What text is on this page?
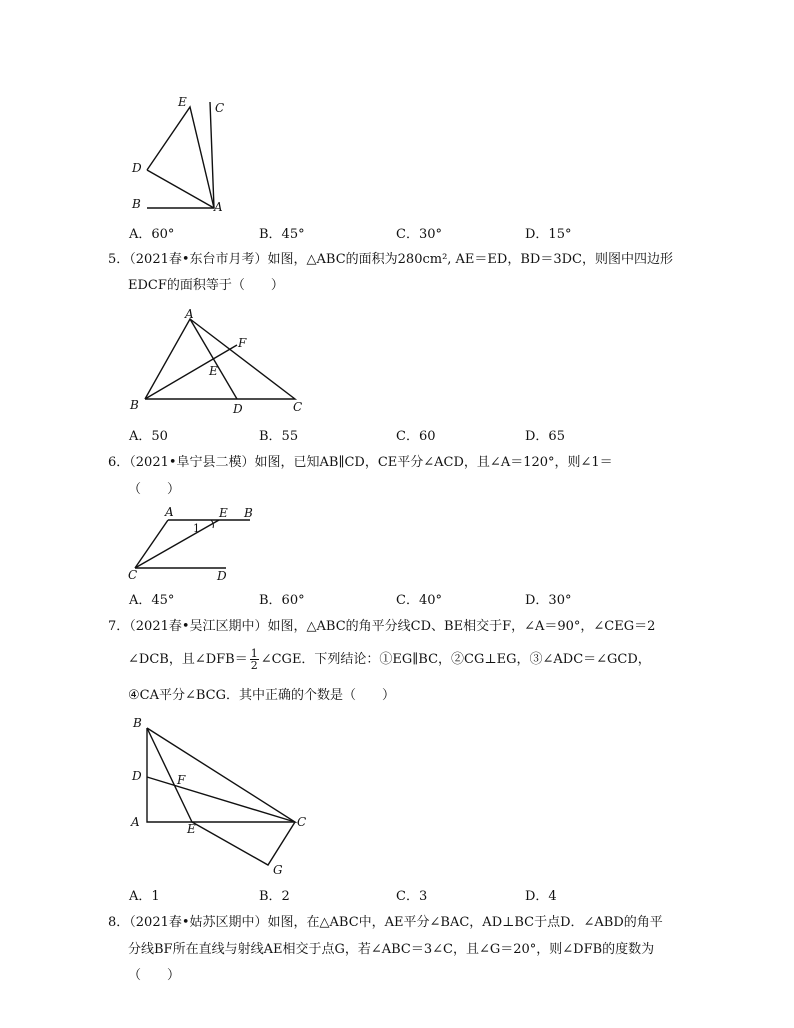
E C
D
B	A
A．60°	B．45°	C．30°	D．15°
5．（2021春•东台市月考）如图，△ABC的面积为280cm², AE＝ED，BD＝3DC，则图中四边形
EDCF的面积等于（　　）
A
F
E
B	D	C
A．50	B．55	C．60	D．65
6．（2021•阜宁县二模）如图，已知AB∥CD，CE平分∠ACD，且∠A＝120°，则∠1＝
（　　）
A	E B
1
C	D
A．45°	B．60°	C．40°	D．30°
7．（2021春•吴江区期中）如图，△ABC的角平分线CD、BE相交于F，∠A＝90°，∠CEG＝2
∠DCB，且∠DFB＝ $\frac{1}{2}$ ∠CGE．下列结论：①EG∥BC，②CG⊥EG，③∠ADC＝∠GCD，
④CA平分∠BCG．其中正确的个数是（　　）
B
D	F
A	E	C
G
A．1	B．2	C．3	D．4
8．（2021春•姑苏区期中）如图，在△ABC中，AE平分∠BAC，AD⊥BC于点D．∠ABD的角平
分线BF所在直线与射线AE相交于点G，若∠ABC＝3∠C，且∠G＝20°，则∠DFB的度数为
（　　）
